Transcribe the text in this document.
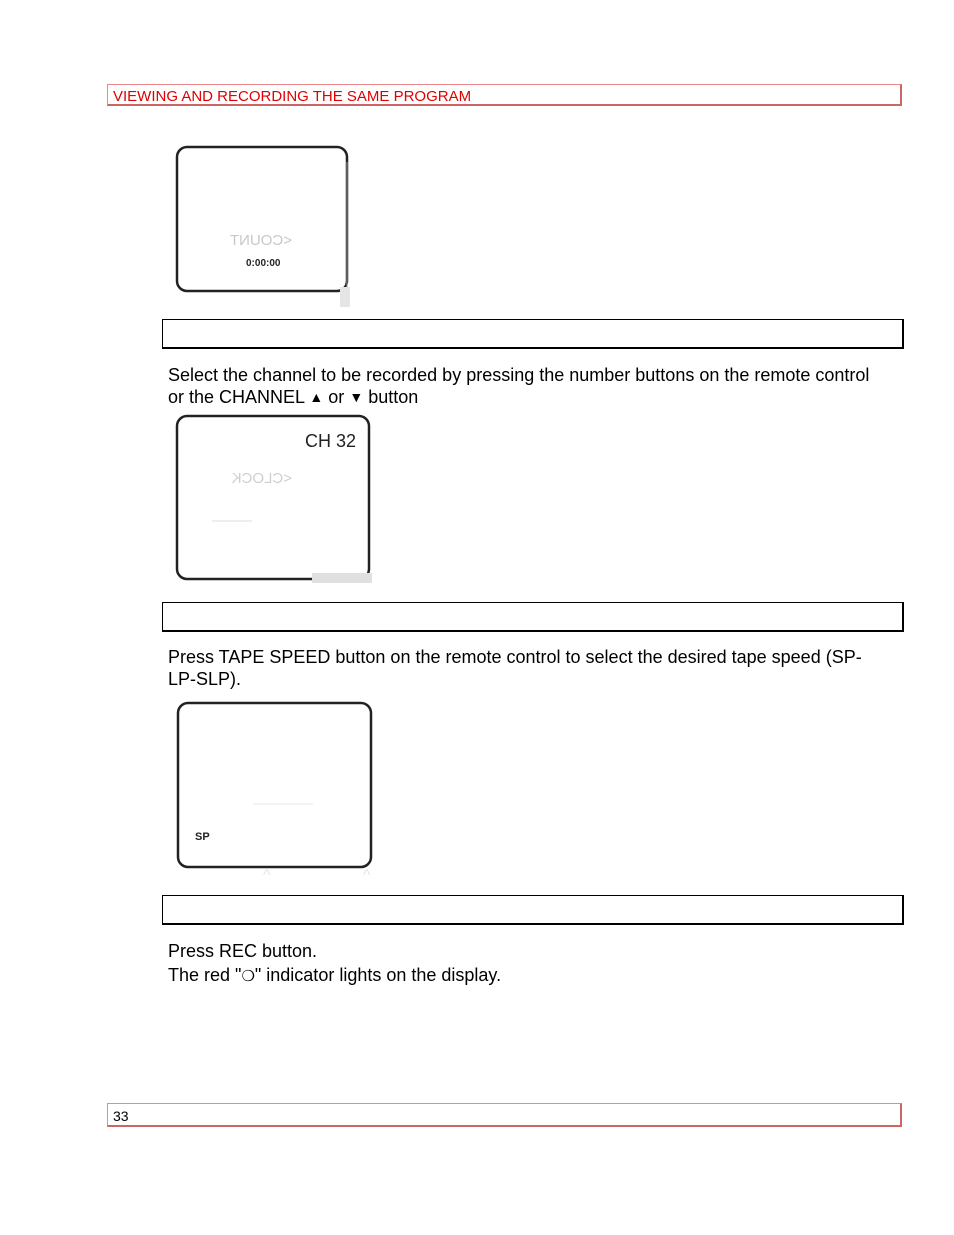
VIEWING AND RECORDING THE SAME PROGRAM
<COUNT
0:00:00
Select the channel to be recorded by pressing the number buttons on the remote control
or the CHANNEL ▲ or ▼ button
<CLOCK
CH 32
Press TAPE SPEED button on the remote control to select the desired tape speed (SP-
LP-SLP).
SP
^	^
Press REC button.
The red "❍" indicator lights on the display.
33
